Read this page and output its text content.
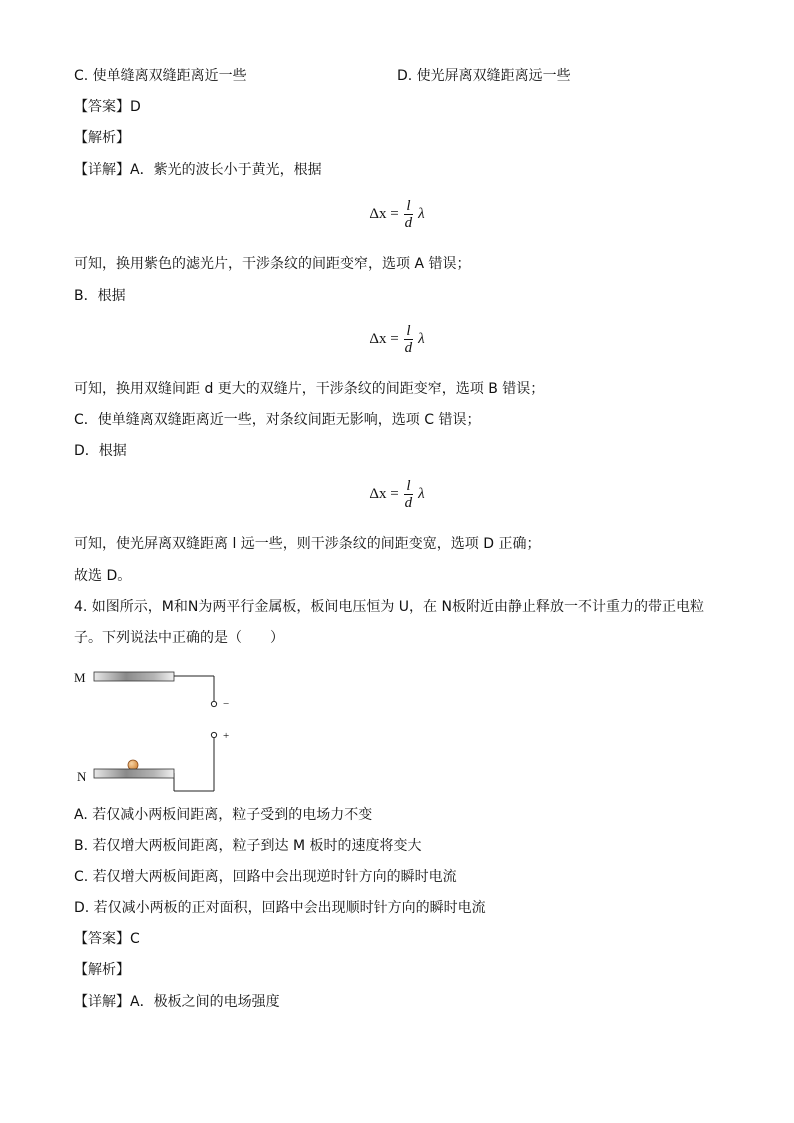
C. 使单缝离双缝距离近一些	D. 使光屏离双缝距离远一些
【答案】D
【解析】
【详解】A．紫光的波长小于黄光，根据
$\Delta x = \frac{l}{d}$ λ
可知，换用紫色的滤光片，干涉条纹的间距变窄，选项 A 错误；
B．根据
$\Delta x = \frac{l}{d}$ λ
可知，换用双缝间距 d 更大的双缝片，干涉条纹的间距变窄，选项 B 错误；
C．使单缝离双缝距离近一些，对条纹间距无影响，选项 C 错误；
D．根据
$\Delta x = \frac{l}{d}$ λ
可知，使光屏离双缝距离 l 远一些，则干涉条纹的间距变宽，选项 D 正确；
故选 D。
4. 如图所示，M和N为两平行金属板，板间电压恒为 U，在 N板附近由静止释放一不计重力的带正电粒
子。下列说法中正确的是（　　）
M
−
+
N
A. 若仅减小两板间距离，粒子受到的电场力不变
B. 若仅增大两板间距离，粒子到达 M 板时的速度将变大
C. 若仅增大两板间距离，回路中会出现逆时针方向的瞬时电流
D. 若仅减小两板的正对面积，回路中会出现顺时针方向的瞬时电流
【答案】C
【解析】
【详解】A．极板之间的电场强度
